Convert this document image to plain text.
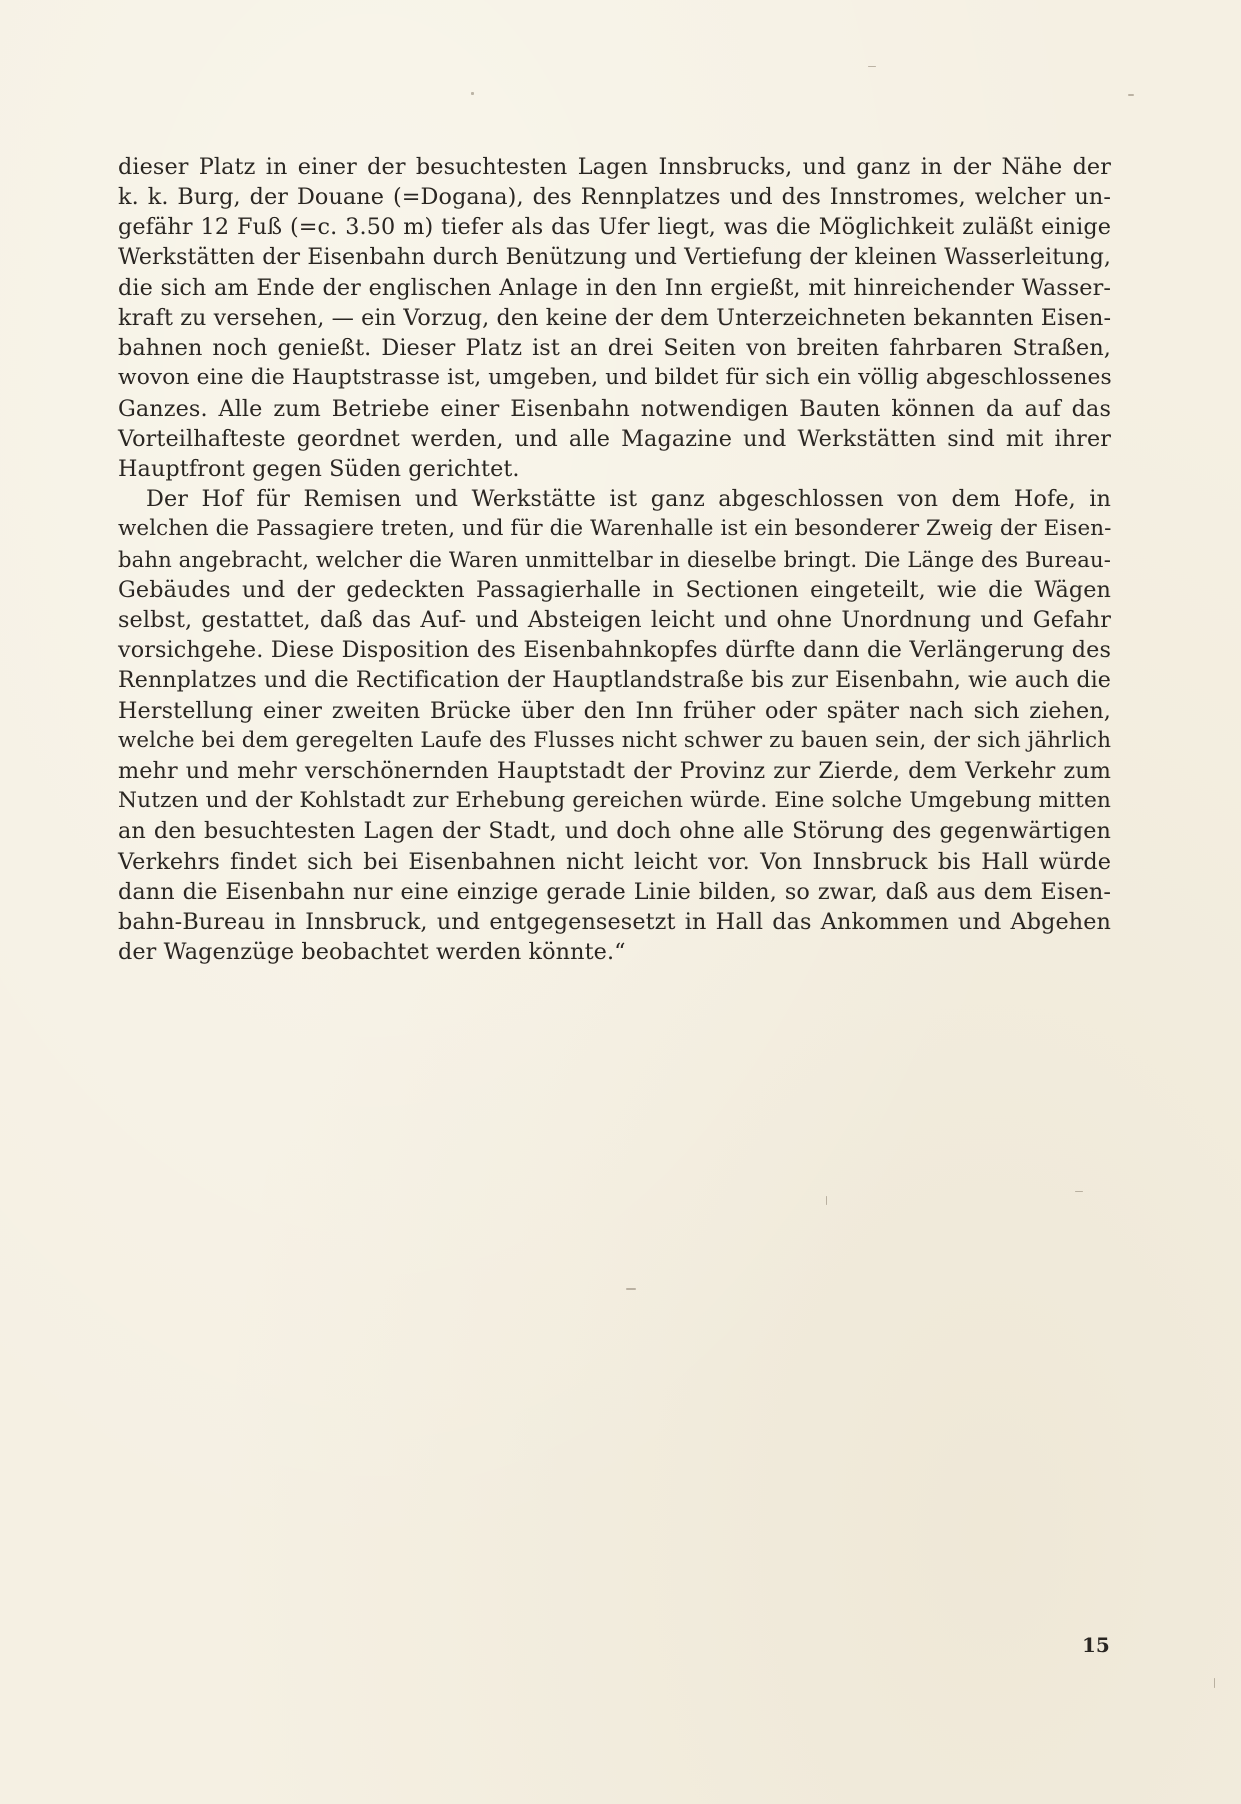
dieser Platz in einer der besuchtesten Lagen Innsbrucks, und ganz in der Nähe der
k. k. Burg, der Douane (=Dogana), des Rennplatzes und des Innstromes, welcher un-
gefähr 12 Fuß (=c. 3.50 m) tiefer als das Ufer liegt, was die Möglichkeit zuläßt einige
Werkstätten der Eisenbahn durch Benützung und Vertiefung der kleinen Wasserleitung,
die sich am Ende der englischen Anlage in den Inn ergießt, mit hinreichender Wasser-
kraft zu versehen, — ein Vorzug, den keine der dem Unterzeichneten bekannten Eisen-
bahnen noch genießt. Dieser Platz ist an drei Seiten von breiten fahrbaren Straßen,
wovon eine die Hauptstrasse ist, umgeben, und bildet für sich ein völlig abgeschlossenes
Ganzes. Alle zum Betriebe einer Eisenbahn notwendigen Bauten können da auf das
Vorteilhafteste geordnet werden, und alle Magazine und Werkstätten sind mit ihrer
Hauptfront gegen Süden gerichtet.

Der Hof für Remisen und Werkstätte ist ganz abgeschlossen von dem Hofe, in
welchen die Passagiere treten, und für die Warenhalle ist ein besonderer Zweig der Eisen-
bahn angebracht, welcher die Waren unmittelbar in dieselbe bringt. Die Länge des Bureau-
Gebäudes und der gedeckten Passagierhalle in Sectionen eingeteilt, wie die Wägen
selbst, gestattet, daß das Auf- und Absteigen leicht und ohne Unordnung und Gefahr
vorsichgehe. Diese Disposition des Eisenbahnkopfes dürfte dann die Verlängerung des
Rennplatzes und die Rectification der Hauptlandstraße bis zur Eisenbahn, wie auch die
Herstellung einer zweiten Brücke über den Inn früher oder später nach sich ziehen,
welche bei dem geregelten Laufe des Flusses nicht schwer zu bauen sein, der sich jährlich
mehr und mehr verschönernden Hauptstadt der Provinz zur Zierde, dem Verkehr zum
Nutzen und der Kohlstadt zur Erhebung gereichen würde. Eine solche Umgebung mitten
an den besuchtesten Lagen der Stadt, und doch ohne alle Störung des gegenwärtigen
Verkehrs findet sich bei Eisenbahnen nicht leicht vor. Von Innsbruck bis Hall würde
dann die Eisenbahn nur eine einzige gerade Linie bilden, so zwar, daß aus dem Eisen-
bahn-Bureau in Innsbruck, und entgegensesetzt in Hall das Ankommen und Abgehen
der Wagenzüge beobachtet werden könnte.“

15
